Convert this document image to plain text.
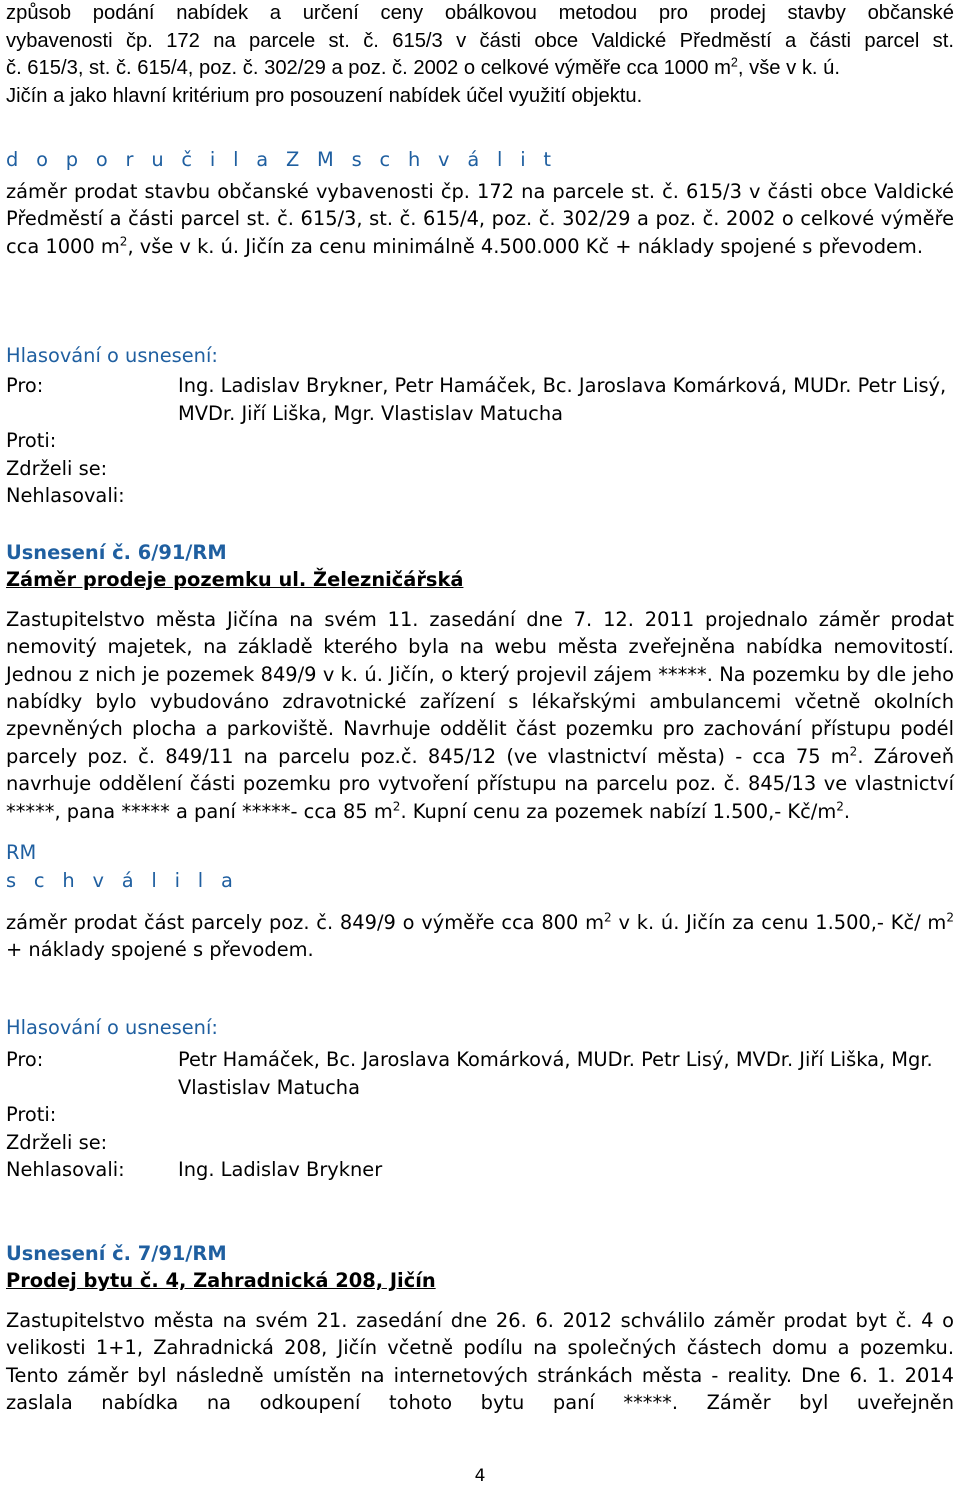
způsob podání nabídek a určení ceny obálkovou metodou pro prodej stavby občanské

vybavenosti čp. 172 na parcele st. č. 615/3 v části obce Valdické Předměstí a části parcel st.

č. 615/3, st. č. 615/4, poz. č. 302/29 a poz. č. 2002 o celkové výměře cca 1000 $m^2$, vše v k. ú.

Jičín a jako hlavní kritérium pro posouzení nabídek účel využití objektu.

d o p o r u č i l a Z M s c h v á l i t

záměr prodat stavbu občanské vybavenosti čp. 172 na parcele st. č. 615/3 v části obce Valdické Předměstí a části parcel st. č. 615/3, st. č. 615/4, poz. č. 302/29 a poz. č. 2002 o celkové výměře cca 1000 $m^2$, vše v k. ú. Jičín za cenu minimálně 4.500.000 Kč + náklady spojené s převodem.

Hlasování o usnesení:

Pro:	Ing. Ladislav Brykner, Petr Hamáček, Bc. Jaroslava Komárková, MUDr. Petr Lisý, MVDr. Jiří Liška, Mgr. Vlastislav Matucha
Proti:
Zdrželi se:
Nehlasovali:

Usnesení č. 6/91/RM

Záměr prodeje pozemku ul. Železničářská

Zastupitelstvo města Jičína na svém 11. zasedání dne 7. 12. 2011 projednalo záměr prodat nemovitý majetek, na základě kterého byla na webu města zveřejněna nabídka nemovitostí. Jednou z nich je pozemek 849/9 v k. ú. Jičín, o který projevil zájem *****. Na pozemku by dle jeho nabídky bylo vybudováno zdravotnické zařízení s lékařskými ambulancemi včetně okolních zpevněných plocha a parkoviště. Navrhuje oddělit část pozemku pro zachování přístupu podél parcely poz. č. 849/11 na parcelu poz.č. 845/12 (ve vlastnictví města) - cca 75 $m^2$. Zároveň navrhuje oddělení části pozemku pro vytvoření přístupu na parcelu poz. č. 845/13 ve vlastnictví *****, pana ***** a paní *****- cca 85 $m^2$. Kupní cenu za pozemek nabízí 1.500,- $Kč/m^2$.

RM

s c h v á l i l a

záměr prodat část parcely poz. č. 849/9 o výměře cca 800 $m^2$ v k. ú. Jičín za cenu 1.500,- Kč/ $m^2$ + náklady spojené s převodem.

Hlasování o usnesení:

Pro:	Petr Hamáček, Bc. Jaroslava Komárková, MUDr. Petr Lisý, MVDr. Jiří Liška, Mgr. Vlastislav Matucha
Proti:
Zdrželi se:
Nehlasovali:	Ing. Ladislav Brykner

Usnesení č. 7/91/RM

Prodej bytu č. 4, Zahradnická 208, Jičín

Zastupitelstvo města na svém 21. zasedání dne 26. 6. 2012 schválilo záměr prodat byt č. 4 o velikosti 1+1, Zahradnická 208, Jičín včetně podílu na společných částech domu a pozemku. Tento záměr byl následně umístěn na internetových stránkách města - reality. Dne 6. 1. 2014 zaslala nabídka na odkoupení tohoto bytu paní *****. Záměr byl uveřejněn

4
